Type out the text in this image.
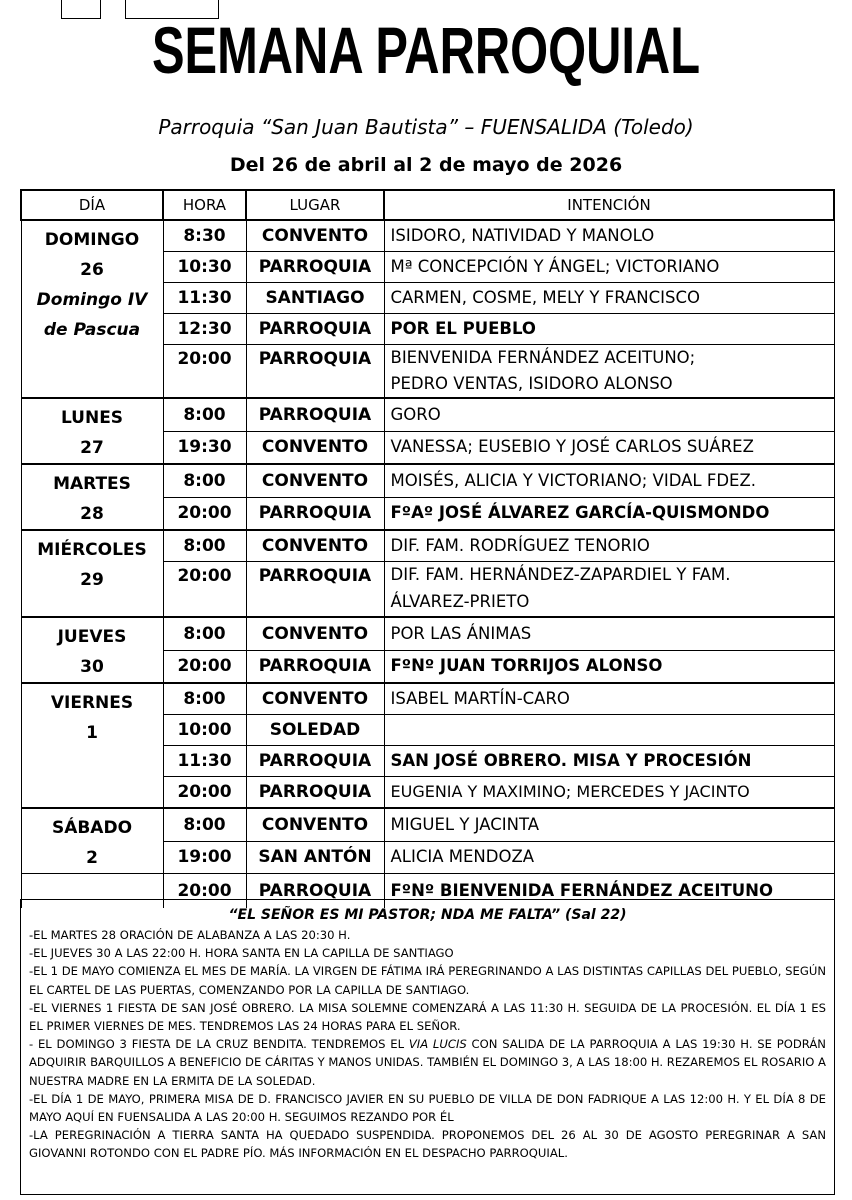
SEMANA PARROQUIAL
Parroquia “San Juan Bautista” – FUENSALIDA (Toledo)
Del 26 de abril al 2 de mayo de 2026
DÍA	HORA	LUGAR	INTENCIÓN

DOMINGO
26
Domingo IV
de Pascua	8:30	CONVENTO	ISIDORO, NATIVIDAD Y MANOLO
	10:30	PARROQUIA	Mª CONCEPCIÓN Y ÁNGEL; VICTORIANO
	11:30	SANTIAGO	CARMEN, COSME, MELY Y FRANCISCO
	12:30	PARROQUIA	POR EL PUEBLO
	20:00	PARROQUIA	BIENVENIDA FERNÁNDEZ ACEITUNO;
			PEDRO VENTAS, ISIDORO ALONSO

LUNES
27	8:00	PARROQUIA	GORO
	19:30	CONVENTO	VANESSA; EUSEBIO Y JOSÉ CARLOS SUÁREZ

MARTES
28	8:00	CONVENTO	MOISÉS, ALICIA Y VICTORIANO; VIDAL FDEZ.
	20:00	PARROQUIA	FºAº JOSÉ ÁLVAREZ GARCÍA-QUISMONDO

MIÉRCOLES
29	8:00	CONVENTO	DIF. FAM. RODRÍGUEZ TENORIO
	20:00	PARROQUIA	DIF. FAM. HERNÁNDEZ-ZAPARDIEL Y FAM.
			ÁLVAREZ-PRIETO

JUEVES
30	8:00	CONVENTO	POR LAS ÁNIMAS
	20:00	PARROQUIA	FºNº JUAN TORRIJOS ALONSO

VIERNES
1	8:00	CONVENTO	ISABEL MARTÍN-CARO
	10:00	SOLEDAD	
	11:30	PARROQUIA	SAN JOSÉ OBRERO. MISA Y PROCESIÓN
	20:00	PARROQUIA	EUGENIA Y MAXIMINO; MERCEDES Y JACINTO

SÁBADO
2	8:00	CONVENTO	MIGUEL Y JACINTA
	19:00	SAN ANTÓN	ALICIA MENDOZA
	20:00	PARROQUIA	FºNº BIENVENIDA FERNÁNDEZ ACEITUNO
“EL SEÑOR ES MI PASTOR; NDA ME FALTA” (Sal 22)

-EL MARTES 28 ORACIÓN DE ALABANZA A LAS 20:30 H.

-EL JUEVES 30 A LAS 22:00 H. HORA SANTA EN LA CAPILLA DE SANTIAGO

-EL 1 DE MAYO COMIENZA EL MES DE MARÍA. LA VIRGEN DE FÁTIMA IRÁ PEREGRINANDO A LAS DISTINTAS CAPILLAS DEL PUEBLO, SEGÚN EL CARTEL DE LAS PUERTAS, COMENZANDO POR LA CAPILLA DE SANTIAGO.

-EL VIERNES 1 FIESTA DE SAN JOSÉ OBRERO. LA MISA SOLEMNE COMENZARÁ A LAS 11:30 H. SEGUIDA DE LA PROCESIÓN. EL DÍA 1 ES EL PRIMER VIERNES DE MES. TENDREMOS LAS 24 HORAS PARA EL SEÑOR.

- EL DOMINGO 3 FIESTA DE LA CRUZ BENDITA. TENDREMOS EL VIA LUCIS CON SALIDA DE LA PARROQUIA A LAS 19:30 H. SE PODRÁN ADQUIRIR BARQUILLOS A BENEFICIO DE CÁRITAS Y MANOS UNIDAS. TAMBIÉN EL DOMINGO 3, A LAS 18:00 H. REZAREMOS EL ROSARIO A NUESTRA MADRE EN LA ERMITA DE LA SOLEDAD.

-EL DÍA 1 DE MAYO, PRIMERA MISA DE D. FRANCISCO JAVIER EN SU PUEBLO DE VILLA DE DON FADRIQUE A LAS 12:00 H. Y EL DÍA 8 DE MAYO AQUÍ EN FUENSALIDA A LAS 20:00 H. SEGUIMOS REZANDO POR ÉL

-LA PEREGRINACIÓN A TIERRA SANTA HA QUEDADO SUSPENDIDA. PROPONEMOS DEL 26 AL 30 DE AGOSTO PEREGRINAR A SAN GIOVANNI ROTONDO CON EL PADRE PÍO. MÁS INFORMACIÓN EN EL DESPACHO PARROQUIAL.
